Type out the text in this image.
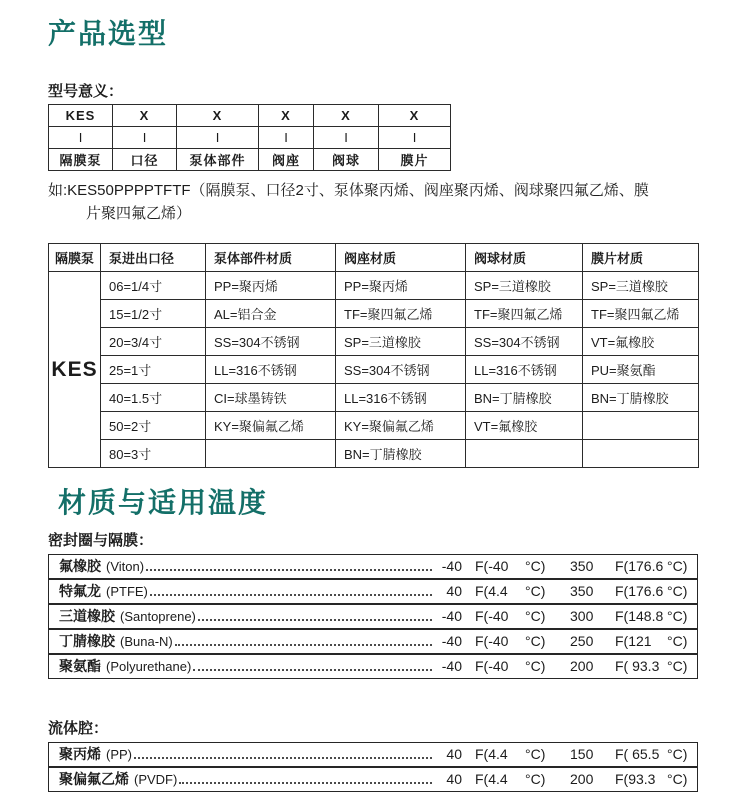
产品选型
型号意义：
KES	X	X	X	X	X
I	I	I	I	I	I
隔膜泵	口径	泵体部件	阀座	阀球	膜片

如:KES50PPPPTFTF（隔膜泵、口径2寸、泵体聚丙烯、阀座聚丙烯、阀球聚四氟乙烯、膜
片聚四氟乙烯）

隔膜泵	泵进出口径	泵体部件材质	阀座材质	阀球材质	膜片材质
KES	06=1/4寸	PP=聚丙烯	PP=聚丙烯	SP=三道橡胶	SP=三道橡胶
	15=1/2寸	AL=铝合金	TF=聚四氟乙烯	TF=聚四氟乙烯	TF=聚四氟乙烯
	20=3/4寸	SS=304不锈钢	SP=三道橡胶	SS=304不锈钢	VT=氟橡胶
	25=1寸	LL=316不锈钢	SS=304不锈钢	LL=316不锈钢	PU=聚氨酯
	40=1.5寸	CI=球墨铸铁	LL=316不锈钢	BN=丁腈橡胶	BN=丁腈橡胶
	50=2寸	KY=聚偏氟乙烯	KY=聚偏氟乙烯	VT=氟橡胶	
	80=3寸		BN=丁腈橡胶		
材质与适用温度
密封圈与隔膜：
氟橡胶 (Viton)	-40 F(-40	°C)	350	F(176.6 °C)

特氟龙 (PTFE)	40 F(4.4	°C)	350	F(176.6 °C)

三道橡胶 (Santoprene)	-40 F(-40	°C)	300	F(148.8 °C)

丁腈橡胶 (Buna-N)	-40 F(-40	°C)	250	F(121	°C)

聚氨酯 (Polyurethane)	-40 F(-40	°C)	200	F( 93.3 °C)
流体腔：
聚丙烯 (PP)	40 F(4.4	°C)	150	F( 65.5 °C)

聚偏氟乙烯 (PVDF)	40 F(4.4	°C)	200	F(93.3 °C)
